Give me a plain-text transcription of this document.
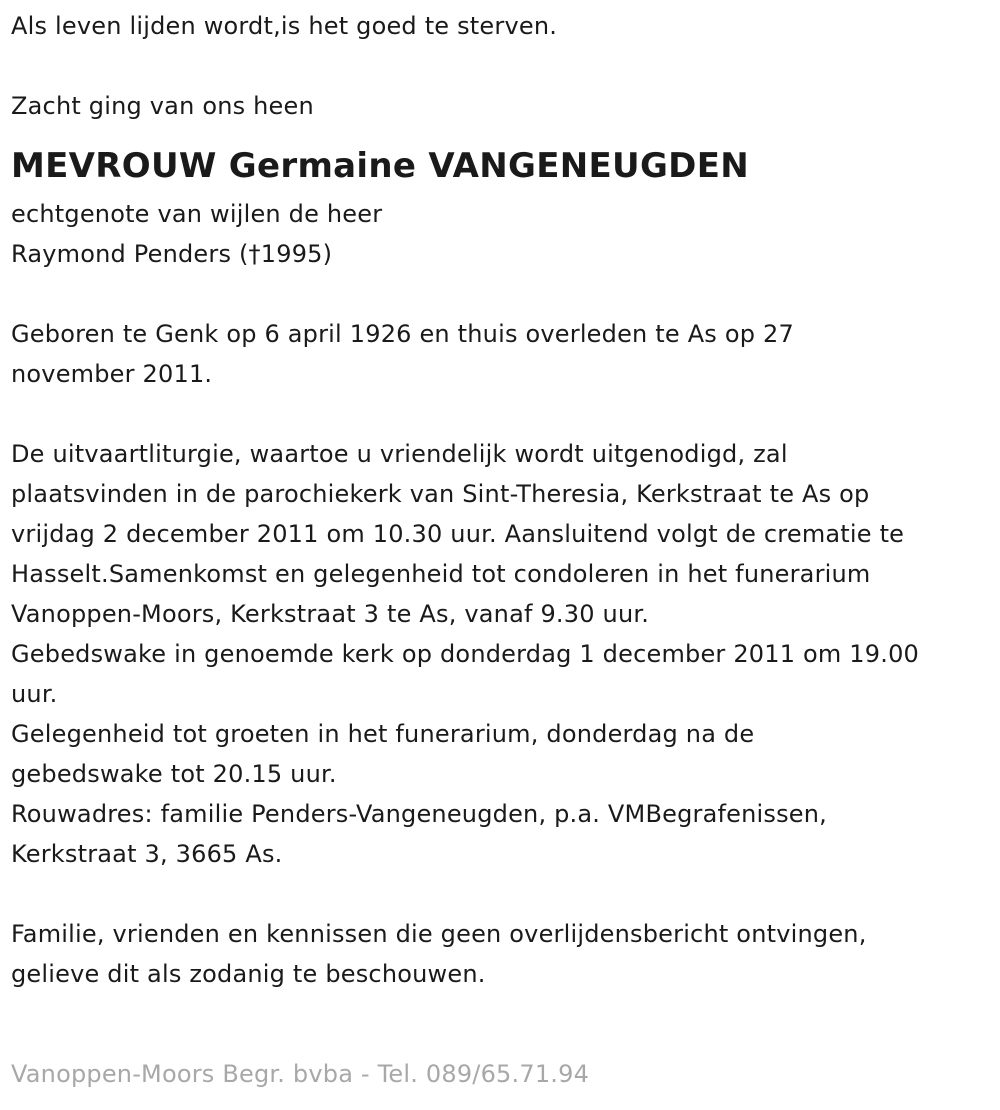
Als leven lijden wordt,is het goed te sterven.
Zacht ging van ons heen
MEVROUW Germaine VANGENEUGDEN
echtgenote van wijlen de heer
Raymond Penders (†1995)
Geboren te Genk op 6 april 1926 en thuis overleden te As op 27
november 2011.
De uitvaartliturgie, waartoe u vriendelijk wordt uitgenodigd, zal
plaatsvinden in de parochiekerk van Sint-Theresia, Kerkstraat te As op
vrijdag 2 december 2011 om 10.30 uur. Aansluitend volgt de crematie te
Hasselt.Samenkomst en gelegenheid tot condoleren in het funerarium
Vanoppen-Moors, Kerkstraat 3 te As, vanaf 9.30 uur.
Gebedswake in genoemde kerk op donderdag 1 december 2011 om 19.00
uur.
Gelegenheid tot groeten in het funerarium, donderdag na de
gebedswake tot 20.15 uur.
Rouwadres: familie Penders-Vangeneugden, p.a. VMBegrafenissen,
Kerkstraat 3, 3665 As.
Familie, vrienden en kennissen die geen overlijdensbericht ontvingen,
gelieve dit als zodanig te beschouwen.
Vanoppen-Moors Begr. bvba - Tel. 089/65.71.94
